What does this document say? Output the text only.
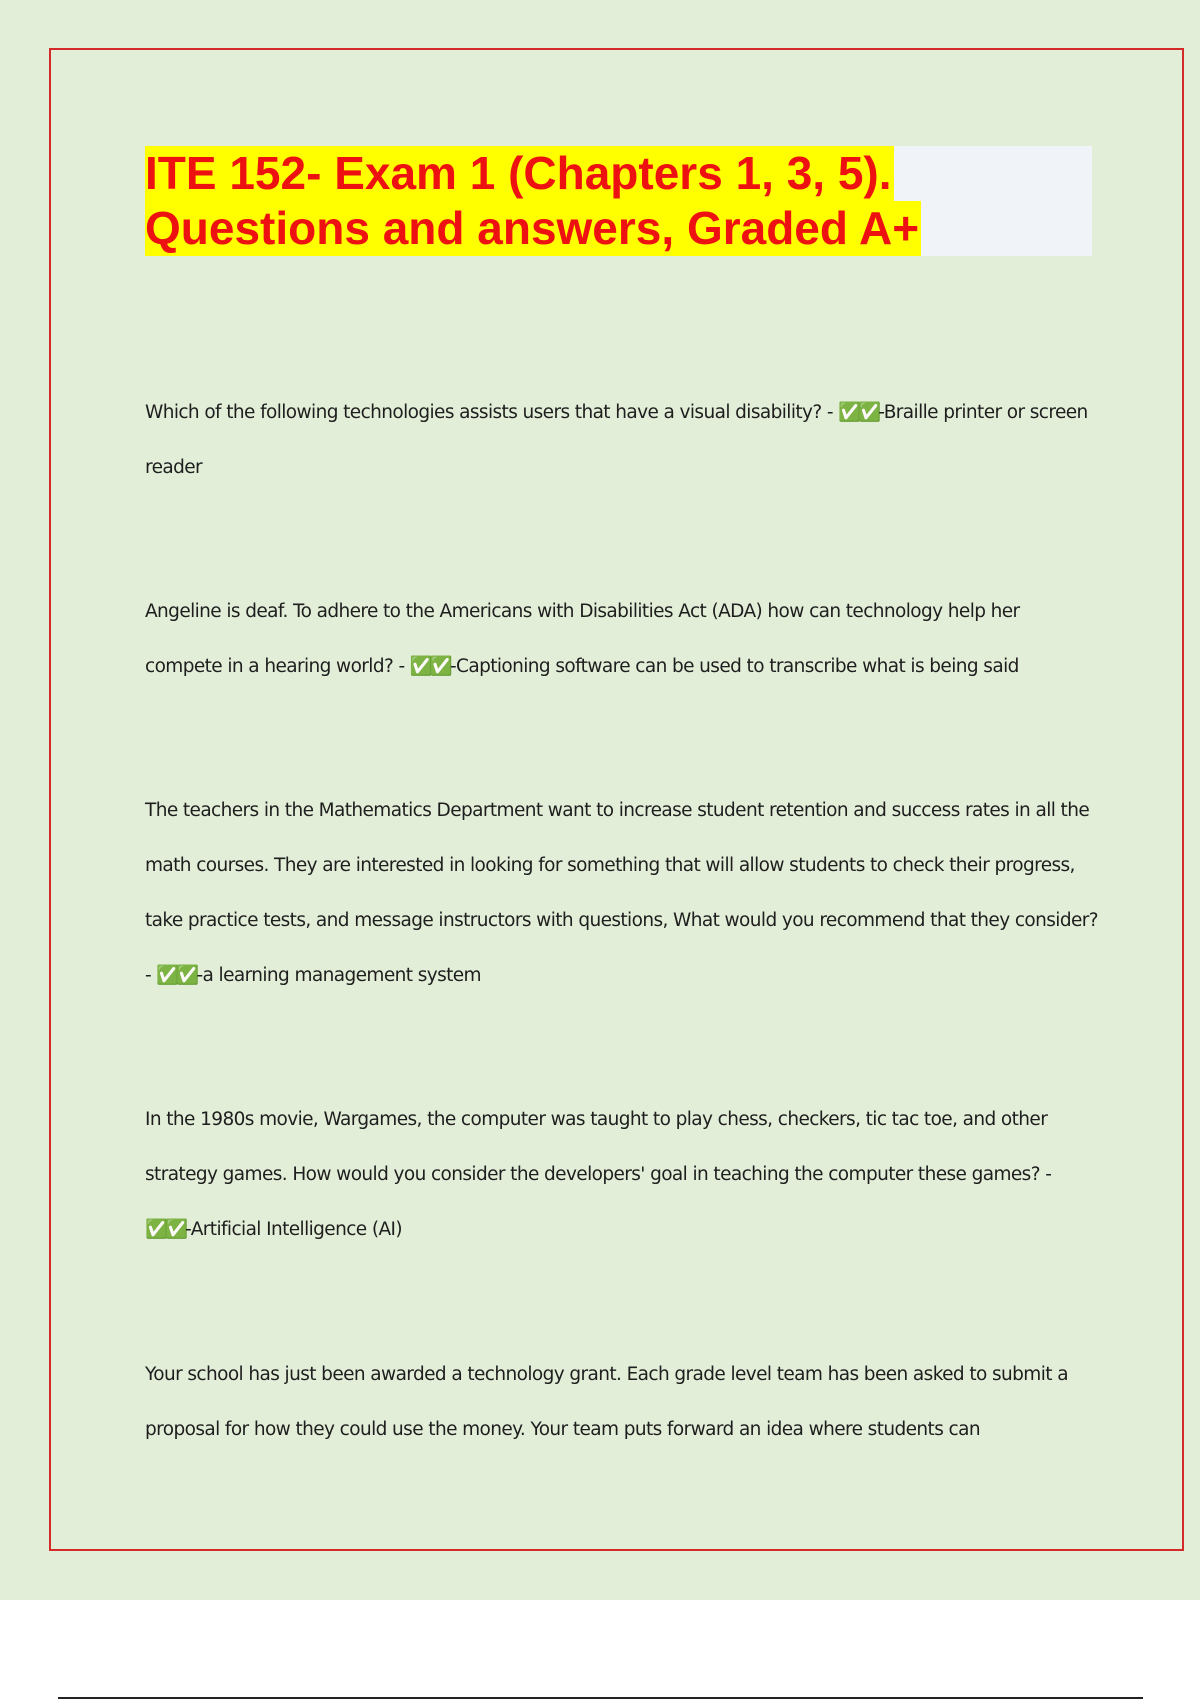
ITE 152- Exam 1 (Chapters 1, 3, 5).
Questions and answers, Graded A+

Which of the following technologies assists users that have a visual disability? - ✅✅-Braille printer or screen reader

Angeline is deaf. To adhere to the Americans with Disabilities Act (ADA) how can technology help her compete in a hearing world? - ✅✅-Captioning software can be used to transcribe what is being said

The teachers in the Mathematics Department want to increase student retention and success rates in all the math courses. They are interested in looking for something that will allow students to check their progress, take practice tests, and message instructors with questions, What would you recommend that they consider? - ✅✅-a learning management system

In the 1980s movie, Wargames, the computer was taught to play chess, checkers, tic tac toe, and other strategy games. How would you consider the developers' goal in teaching the computer these games? - ✅✅-Artificial Intelligence (AI)

Your school has just been awarded a technology grant. Each grade level team has been asked to submit a proposal for how they could use the money. Your team puts forward an idea where students can
